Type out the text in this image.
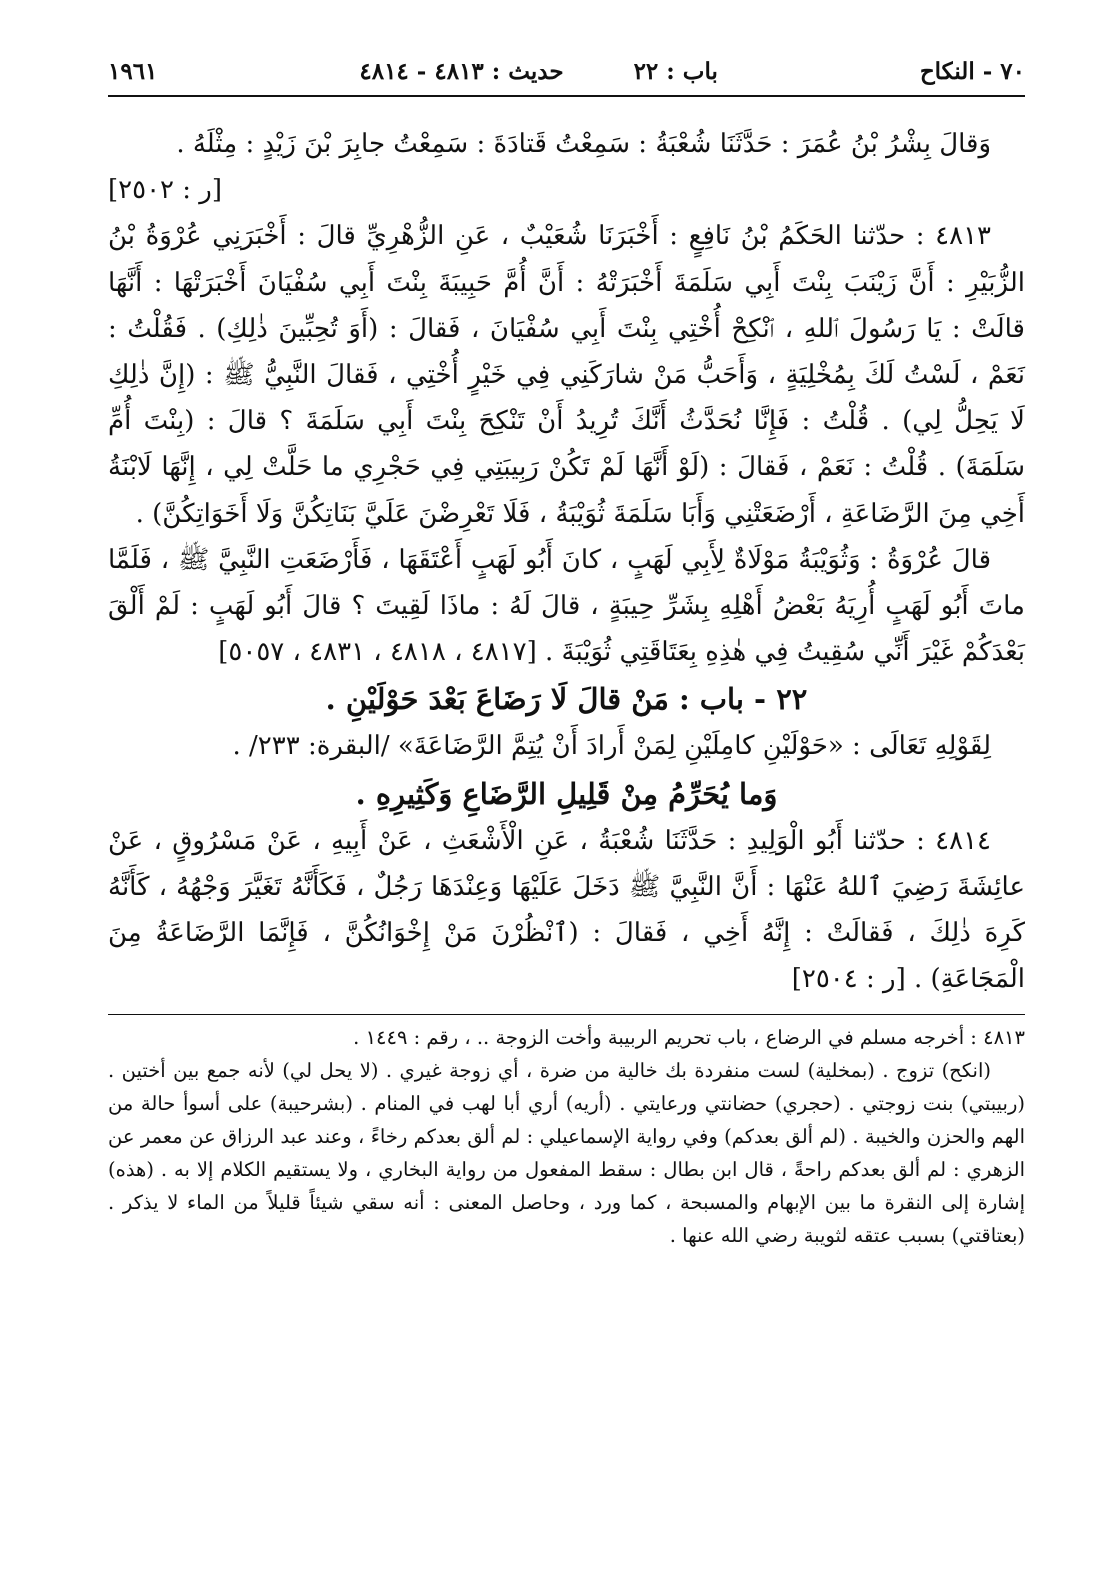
٧٠ - النكاح
باب : ٢٢
حديث : ٤٨١٣ - ٤٨١٤
١٩٦١

وَقالَ بِشْرُ بْنُ عُمَرَ : حَدَّثَنَا شُعْبَةُ : سَمِعْتُ قَتادَةَ : سَمِعْتُ جابِرَ بْنَ زَيْدٍ : مِثْلَهُ .

[ر : ٢٥٠٢]

٤٨١٣ : حدّثنا الحَكَمُ بْنُ نَافِعٍ : أَخْبَرَنَا شُعَيْبٌ ، عَنِ الزُّهْرِيِّ قالَ : أَخْبَرَنِي عُرْوَةُ بْنُ الزُّبَيْرِ : أَنَّ زَيْنَبَ بِنْتَ أَبِي سَلَمَةَ أَخْبَرَتْهُ : أَنَّ أُمَّ حَبِيبَةَ بِنْتَ أَبِي سُفْيَانَ أَخْبَرَتْهَا : أَنَّهَا قالَتْ : يَا رَسُولَ ٱللهِ ، ٱنْكِحْ أُخْتِي بِنْتَ أَبِي سُفْيَانَ ، فَقالَ : (أَوَ تُحِبِّينَ ذٰلِكِ) . فَقُلْتُ : نَعَمْ ، لَسْتُ لَكَ بِمُخْلِيَةٍ ، وَأَحَبُّ مَنْ شارَكَنِي فِي خَيْرٍ أُخْتِي ، فَقالَ النَّبِيُّ ﷺ : (إِنَّ ذٰلِكِ لَا يَحِلُّ لِي) . قُلْتُ : فَإِنَّا نُحَدَّثُ أَنَّكَ تُرِيدُ أَنْ تَنْكِحَ بِنْتَ أَبِي سَلَمَةَ ؟ قالَ : (بِنْتَ أُمِّ سَلَمَةَ) . قُلْتُ : نَعَمْ ، فَقالَ : (لَوْ أَنَّهَا لَمْ تَكُنْ رَبِيبَتِي فِي حَجْرِي ما حَلَّتْ لِي ، إِنَّهَا لَابْنَةُ أَخِي مِنَ الرَّضَاعَةِ ، أَرْضَعَتْنِي وَأَبَا سَلَمَةَ ثُوَيْبَةُ ، فَلَا تَعْرِضْنَ عَلَيَّ بَنَاتِكُنَّ وَلَا أَخَوَاتِكُنَّ) .

قالَ عُرْوَةُ : وَثُوَيْبَةُ مَوْلَاةٌ لِأَبِي لَهَبٍ ، كانَ أَبُو لَهَبٍ أَعْتَقَهَا ، فَأَرْضَعَتِ النَّبِيَّ ﷺ ، فَلَمَّا ماتَ أَبُو لَهَبٍ أُرِيَهُ بَعْضُ أَهْلِهِ بِشَرِّ حِيبَةٍ ، قالَ لَهُ : ماذَا لَقِيتَ ؟ قالَ أَبُو لَهَبٍ : لَمْ أَلْقَ بَعْدَكُمْ غَيْرَ أَنِّي سُقِيتُ فِي هٰذِهِ بِعَتَاقَتِي ثُوَيْبَةَ . [٤٨١٧ ، ٤٨١٨ ، ٤٨٣١ ، ٥٠٥٧]

٢٢ - باب : مَنْ قالَ لَا رَضَاعَ بَعْدَ حَوْلَيْنِ .

لِقَوْلِهِ تَعَالَى : «حَوْلَيْنِ كامِلَيْنِ لِمَنْ أَرادَ أَنْ يُتِمَّ الرَّضَاعَةَ» /البقرة: ٢٣٣/ .

وَما يُحَرِّمُ مِنْ قَلِيلِ الرَّضَاعِ وَكَثِيرِهِ .

٤٨١٤ : حدّثنا أَبُو الْوَلِيدِ : حَدَّثَنَا شُعْبَةُ ، عَنِ الْأَشْعَثِ ، عَنْ أَبِيهِ ، عَنْ مَسْرُوقٍ ، عَنْ عائِشَةَ رَضِيَ ٱللهُ عَنْهَا : أَنَّ النَّبِيَّ ﷺ دَخَلَ عَلَيْهَا وَعِنْدَهَا رَجُلٌ ، فَكَأَنَّهُ تَغَيَّرَ وَجْهُهُ ، كَأَنَّهُ كَرِهَ ذٰلِكَ ، فَقالَتْ : إِنَّهُ أَخِي ، فَقالَ : (ٱنْظُرْنَ مَنْ إِخْوَانُكُنَّ ، فَإِنَّمَا الرَّضَاعَةُ مِنَ الْمَجَاعَةِ) . [ر : ٢٥٠٤]

٤٨١٣ : أخرجه مسلم في الرضاع ، باب تحريم الربيبة وأخت الزوجة .. ، رقم : ١٤٤٩ .

(انكح) تزوج . (بمخلية) لست منفردة بك خالية من ضرة ، أي زوجة غيري . (لا يحل لي) لأنه جمع بين أختين . (ربيبتي) بنت زوجتي . (حجري) حضانتي ورعايتي . (أريه) أري أبا لهب في المنام . (بشرحيبة) على أسوأ حالة من الهم والحزن والخيبة . (لم ألق بعدكم) وفي رواية الإسماعيلي : لم ألق بعدكم رخاءً ، وعند عبد الرزاق عن معمر عن الزهري : لم ألق بعدكم راحةً ، قال ابن بطال : سقط المفعول من رواية البخاري ، ولا يستقيم الكلام إلا به . (هذه) إشارة إلى النقرة ما بين الإبهام والمسبحة ، كما ورد ، وحاصل المعنى : أنه سقي شيئاً قليلاً من الماء لا يذكر . (بعتاقتي) بسبب عتقه لثويبة رضي الله عنها .
